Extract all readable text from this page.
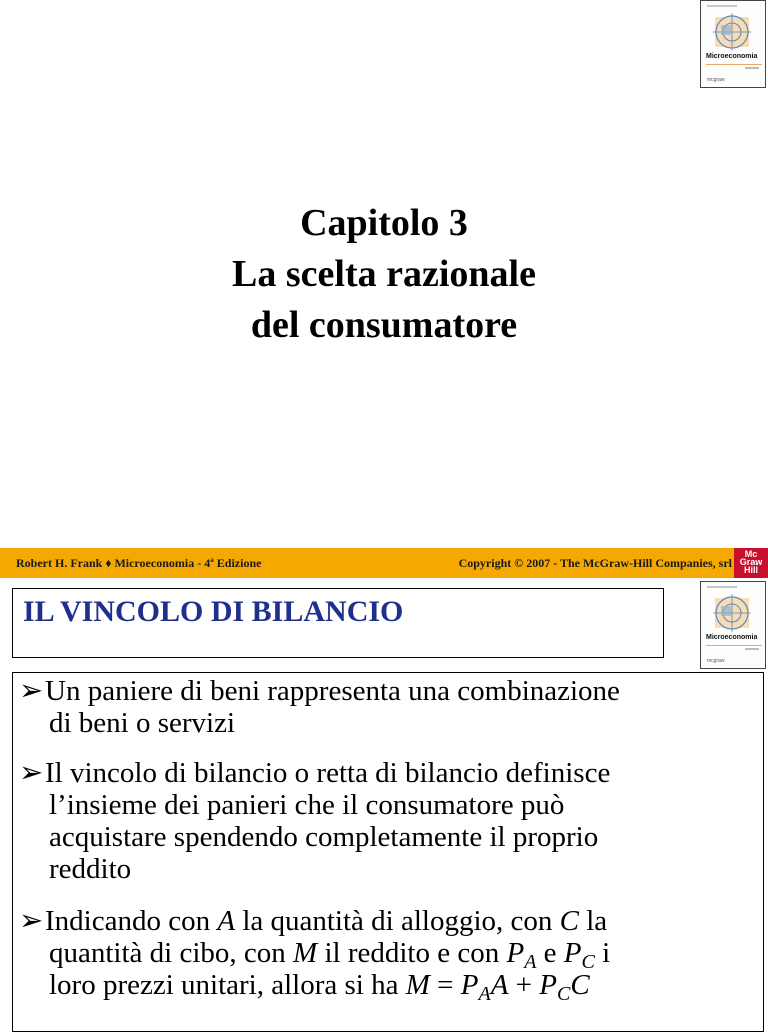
Microeconomia
mcgraw
Capitolo 3
La scelta razionale
del consumatore
Robert H. Frank ♦ Microeconomia - 4ª Edizione	Copyright © 2007 - The McGraw-Hill Companies, srl
Mc
Graw
Hill
IL VINCOLO DI BILANCIO
Microeconomia
mcgraw
➢Un paniere di beni rappresenta una combinazione
di beni o servizi
➢Il vincolo di bilancio o retta di bilancio definisce
l’insieme dei panieri che il consumatore può
acquistare spendendo completamente il proprio
reddito
➢Indicando con A la quantità di alloggio, con C la
quantità di cibo, con M il reddito e con $P_A$ e $P_C$ i
loro prezzi unitari, allora si ha $M = P_AA + P_CC$
